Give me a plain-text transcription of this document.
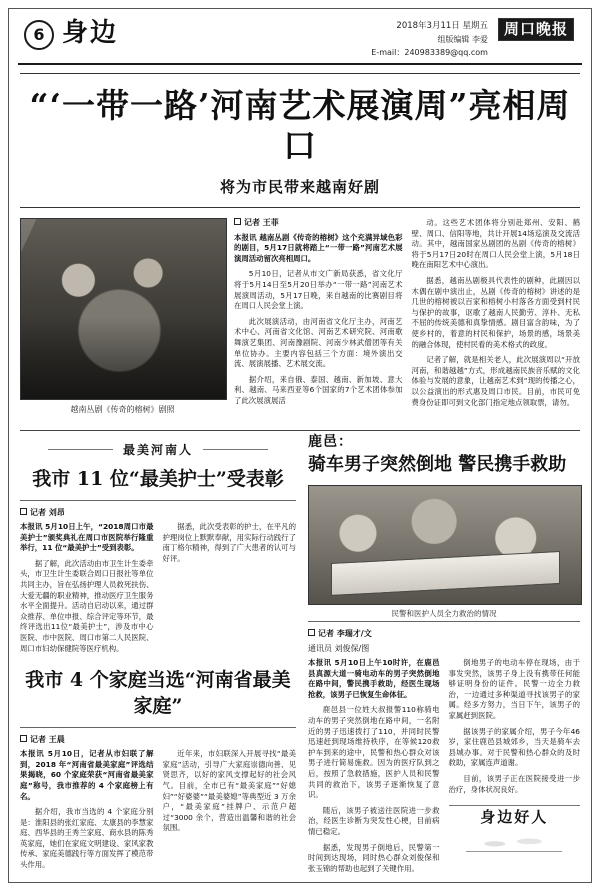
6 身边	2018年3月11日 星期五
组版编辑 李爱
E-mail：240983389@qq.com
周口晚报
“‘一带一路’河南艺术展演周”亮相周口
将为市民带来越南好剧
越南丛剧《传奇的榕树》剧照
记者 王菲

本报讯 越南丛剧《传奇的榕树》这个充满异域色彩的剧目，5月17日就将踏上“一带一路”河南艺术展演周活动留次亮相周口。

5月10日，记者从市文广新局获悉，省文化厅将于5月14日至5月20日举办“一带一路”河南艺术展演周活动，5月17日晚，来自越南的比赛剧目将在周口人民会堂上演。

此次展演活动，由河南省文化厅主办，河南艺术中心、河南省文化馆、河南艺术研究院、河南歌舞演艺集团、河南豫剧院、河南少林武僧团等有关单位协办。主要内容包括三个方面：境外演出交流、展演展播、艺术展交流。

据介绍，来自俄、泰国、越南、新加坡、意大利、越南、马来西亚等6个国家的7个艺术团体参加了此次展演展活

动。这些艺术团体将分别赴郑州、安阳、鹤壁、周口、信阳等地，共计开展14场巡演及交流活动。其中，越南国家丛剧团的丛剧《传奇的榕树》将于5月17日20时在周口人民会堂上演，5月18日晚在南阳艺术中心演出。

据悉，越南丛剧极具代表性的剧种，此剧因以木偶在剧中演出止，丛剧《传奇的榕树》讲述的是几世的榕树被以百家和榕树小村落各方面受到村民与保护的故事，讴歌了越南人民勤劳、淳朴、无私不屈的传统美德和真挚情感。剧目富含韵味，为了使乡村的，着意的村民和保护，场景的感，场景美的融合体现，使村民看的美术格式的政度。

记者了解，就是相关老人，此次展演周以“开放河南，和谐越越”方式，形成越南民族音乐赋的文化体验与发展的意象，让越南艺术到“现的传播之心，以公益演出的形式惠及周口市民。目前，市民可免费身份证即可到文化部门指定地点领取票，请勿。

最美河南人
我市 11 位“最美护士”受表彰
记者 刘昂

本报讯 5月10日上午，“2018周口市最美护士”颁奖典礼在周口市医院举行隆重举行，11 位“最美护士”受到表彰。

据了解，此次活动由市卫生计生委牵头，市卫生计生委联合周口日报社等单位共同主办，旨在弘扬护理人员救死扶伤、大爱无疆的职业精神，推动医疗卫生服务水平全面提升。活动自启动以来，通过群众推荐、单位申报、综合评定等环节，最终评选出11位“最美护士”，涉及市中心医院、市中医院、周口市第二人民医院、周口市妇幼保健院等医疗机构。

据悉，此次受表彰的护士，在平凡的护理岗位上默默奉献，用实际行动践行了南丁格尔精神，得到了广大患者的认可与好评。

我市 4 个家庭当选“河南省最美家庭”
记者 王晨

本报讯 5月10日，记者从市妇联了解到，2018 年“河南省最美家庭”评选结果揭晓，60 个家庭荣获“河南省最美家庭”称号，我市推荐的 4 个家庭榜上有名。

据介绍，我市当选的 4 个家庭分别是：淮阳县的张红家庭、太康县的李慧家庭、西华县的王秀兰家庭、商水县的陈秀英家庭，她们在家庭文明建设、家风家教传承、家庭美德践行等方面发挥了模范带头作用。

近年来，市妇联深入开展寻找“最美家庭”活动，引导广大家庭崇德向善、见贤思齐，以好的家风支撑起好的社会风气。目前，全市已有“最美家庭”“好媳妇”“好婆婆”“最美婆媳”等典型近 3 万余户，“最美家庭”挂牌户、示范户超过“3000 余个，营造出温馨和谐的社会氛围。

鹿邑：
骑车男子突然倒地 警民携手救助
民警和医护人员全力救治的情况
记者 李瑞才/文
通讯员 刘俊保/图

本报讯 5月10日上午10时许，在鹿邑县真源大道一骑电动车的男子突然倒地在路中间，警民携手救助，经医生现场抢救，该男子已恢复生命体征。

鹿邑县一位姓大叔报警110称骑电动车的男子突然倒地在路中间，一名附近的男子迅速拨打了110，并同时民警迅速赶到现场维持秩序，在等候120救护车到来的途中，民警和热心群众对该男子进行简易施救。因为的医疗队到之后，按照了急救措施，医护人员和民警共同的救治下，该男子逐渐恢复了意识。

随后，该男子被送往医院进一步救治，经医生诊断为突发性心梗，目前病情已稳定。

据悉，发现男子倒地后，民警第一时间到达现场，同时热心群众刘俊保和张玉锦的帮助也起到了关键作用。

倒地男子的电动车停在现场，由于事发突然，该男子身上没有携带任何能够证明身份的证件。民警一边全力救治，一边通过多种渠道寻找该男子的家属。经多方努力，当日下午，该男子的家属赶到医院。

据该男子的家属介绍，男子今年46岁，家住鹿邑县城郊乡，当天是骑车去县城办事。对于民警和热心群众的及时救助，家属连声道谢。

目前，该男子正在医院接受进一步治疗，身体状况良好。

身边好人
